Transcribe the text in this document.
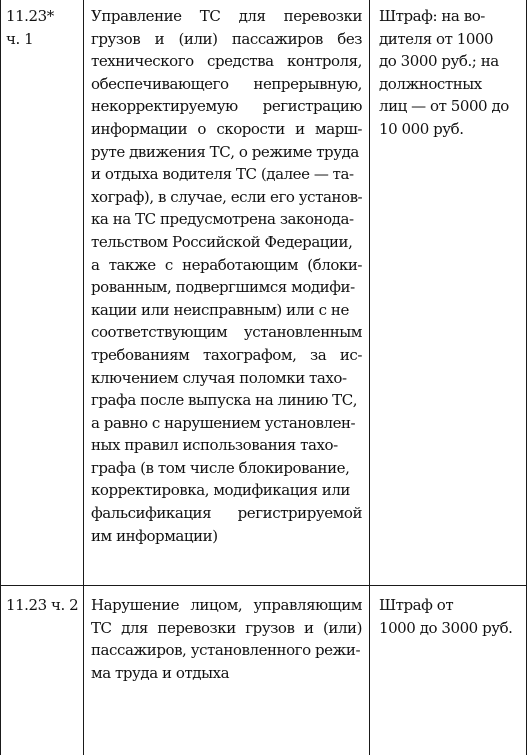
11.23*
ч. 1
Управление ТС для перевозки
грузов и (или) пассажиров без
технического средства контроля,
обеспечивающего непрерывную,
некорректируемую регистрацию
информации о скорости и марш-
руте движения ТС, о режиме труда
и отдыха водителя ТС (далее — та-
хограф), в случае, если его установ-
ка на ТС предусмотрена законода-
тельством Российской Федерации,
а также с неработающим (блоки-
рованным, подвергшимся модифи-
кации или неисправным) или с не
соответствующим установленным
требованиям тахографом, за ис-
ключением случая поломки тахо-
графа после выпуска на линию ТС,
а равно с нарушением установлен-
ных правил использования тахо-
графа (в том числе блокирование,
корректировка, модификация или
фальсификация регистрируемой
им информации)
Штраф: на во-
дителя от 1000
до 3000 руб.; на
должностных
лиц — от 5000 до
10 000 руб.
11.23 ч. 2 Нарушение лицом, управляющим
ТС для перевозки грузов и (или)
пассажиров, установленного режи-
ма труда и отдыха
Штраф от
1000 до 3000 руб.
